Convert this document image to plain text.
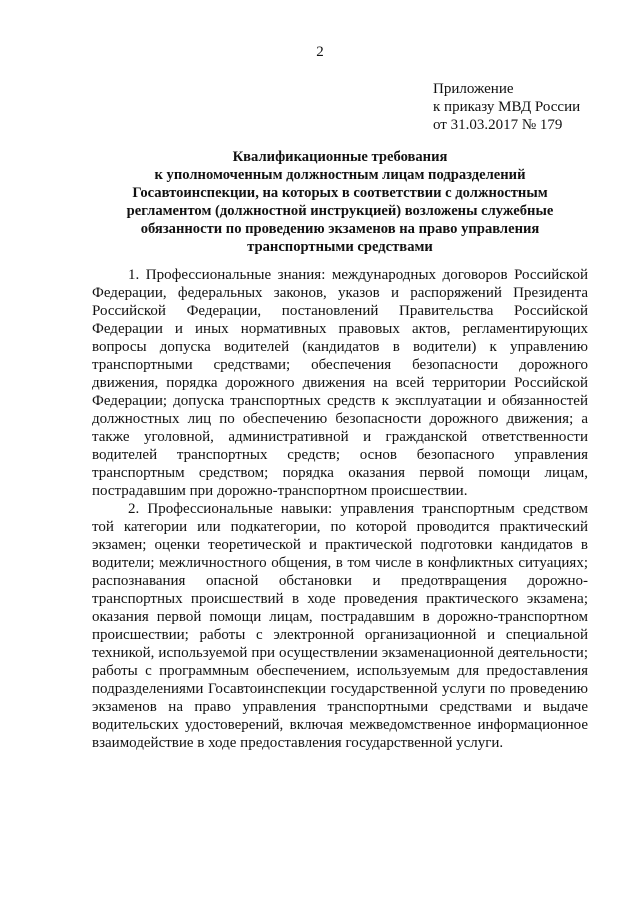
2
Приложение
к приказу МВД России
от 31.03.2017 № 179
Квалификационные требования
к уполномоченным должностным лицам подразделений
Госавтоинспекции, на которых в соответствии с должностным
регламентом (должностной инструкцией) возложены служебные
обязанности по проведению экзаменов на право управления
транспортными средствами

1. Профессиональные знания: международных договоров Российской Федерации, федеральных законов, указов и распоряжений Президента Российской Федерации, постановлений Правительства Российской Федерации и иных нормативных правовых актов, регламентирующих вопросы допуска водителей (кандидатов в водители) к управлению транспортными средствами; обеспечения безопасности дорожного движения, порядка дорожного движения на всей территории Российской Федерации; допуска транспортных средств к эксплуатации и обязанностей должностных лиц по обеспечению безопасности дорожного движения; а также уголовной, административной и гражданской ответственности водителей транспортных средств; основ безопасного управления транспортным средством; порядка оказания первой помощи лицам, пострадавшим при дорожно-транспортном происшествии.

2. Профессиональные навыки: управления транспортным средством той категории или подкатегории, по которой проводится практический экзамен; оценки теоретической и практической подготовки кандидатов в водители; межличностного общения, в том числе в конфликтных ситуациях; распознавания опасной обстановки и предотвращения дорожно-транспортных происшествий в ходе проведения практического экзамена; оказания первой помощи лицам, пострадавшим в дорожно-транспортном происшествии; работы с электронной организационной и специальной техникой, используемой при осуществлении экзаменационной деятельности; работы с программным обеспечением, используемым для предоставления подразделениями Госавтоинспекции государственной услуги по проведению экзаменов на право управления транспортными средствами и выдаче водительских удостоверений, включая межведомственное информационное взаимодействие в ходе предоставления государственной услуги.
